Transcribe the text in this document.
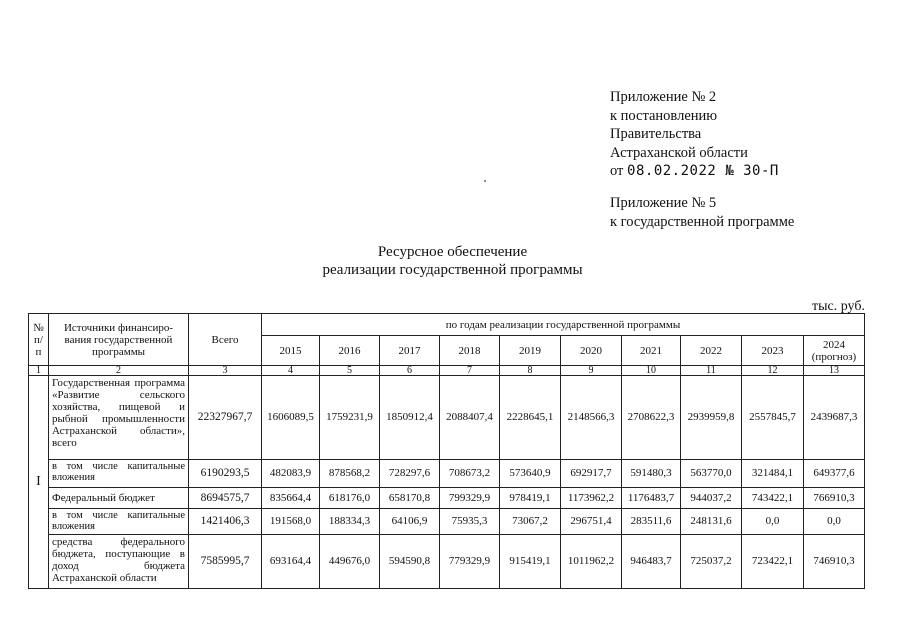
Приложение № 2
к постановлению
Правительства
Астраханской области
от 08.02.2022 № 30-П
Приложение № 5
к государственной программе
Ресурсное обеспечение
реализации государственной программы
тыс. руб.
№ п/п	Источники финансиро-вания государственной программы	Всего	по годам реализации государственной программы									
			2015	2016	2017	2018	2019	2020	2021	2022	2023	2024 (прогноз)
1	2	3	4	5	6	7	8	9	10	11	12	13
I	Государственная программа «Развитие сельского хозяйства, пищевой и рыбной промышленности Астраханской области», всего	22327967,7	1606089,5	1759231,9	1850912,4	2088407,4	2228645,1	2148566,3	2708622,3	2939959,8	2557845,7	2439687,3
	в том числе капитальные вложения	6190293,5	482083,9	878568,2	728297,6	708673,2	573640,9	692917,7	591480,3	563770,0	321484,1	649377,6
	Федеральный бюджет	8694575,7	835664,4	618176,0	658170,8	799329,9	978419,1	1173962,2	1176483,7	944037,2	743422,1	766910,3
	в том числе капитальные вложения	1421406,3	191568,0	188334,3	64106,9	75935,3	73067,2	296751,4	283511,6	248131,6	0,0	0,0
	средства федерального бюджета, поступающие в доход бюджета Астраханской области	7585995,7	693164,4	449676,0	594590,8	779329,9	915419,1	1011962,2	946483,7	725037,2	723422,1	746910,3
